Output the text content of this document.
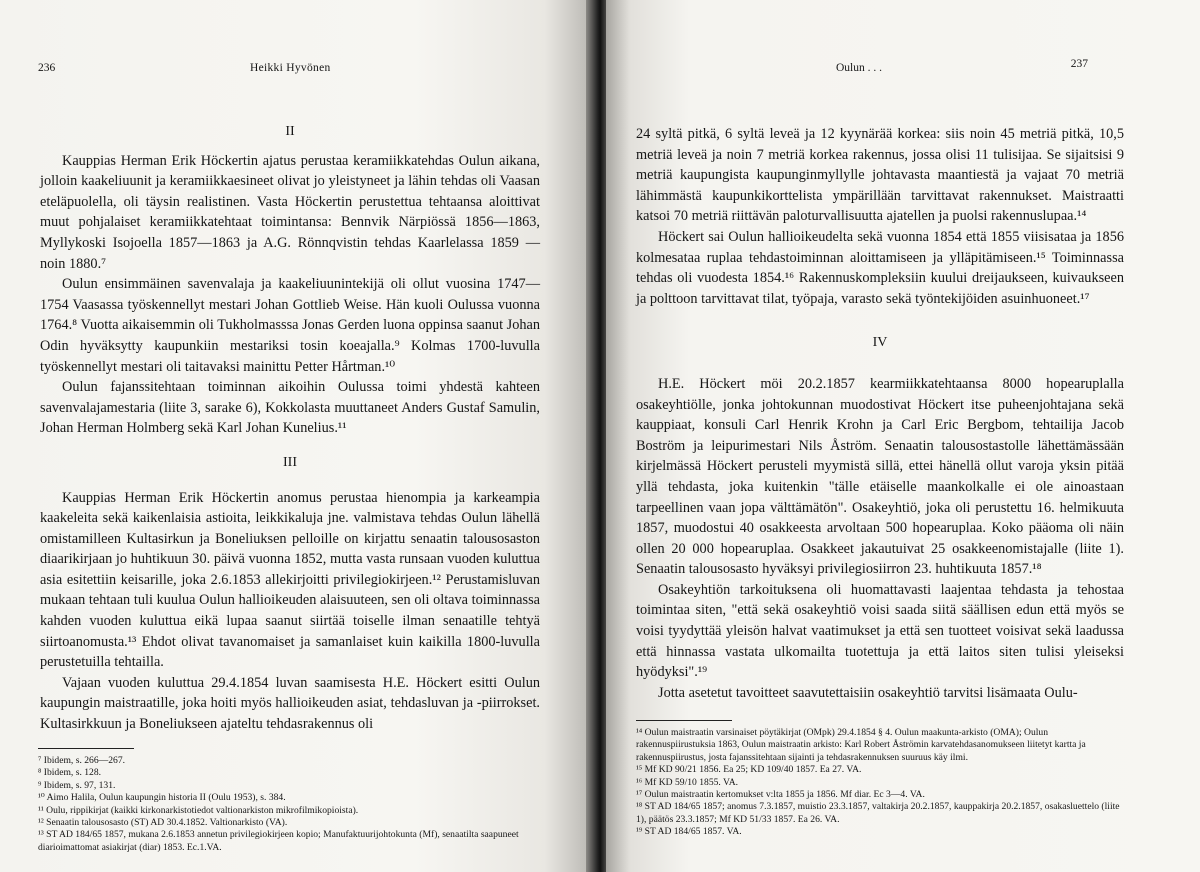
236	Heikki Hyvönen
II

Kauppias Herman Erik Höckertin ajatus perustaa keramiikkatehdas Oulun aikana, jolloin kaakeliuunit ja keramiikkaesineet olivat jo yleistyneet ja lähin tehdas oli Vaasan eteläpuolella, oli täysin realistinen. Vasta Höckertin perustettua tehtaansa aloittivat muut pohjalaiset keramiikkatehtaat toimintansa: Bennvik Närpiössä 1856—1863, Myllykoski Isojoella 1857—1863 ja A.G. Rönnqvistin tehdas Kaarlelassa 1859 — noin 1880.⁷

Oulun ensimmäinen savenvalaja ja kaakeliuunintekijä oli ollut vuosina 1747—1754 Vaasassa työskennellyt mestari Johan Gottlieb Weise. Hän kuoli Oulussa vuonna 1764.⁸ Vuotta aikaisemmin oli Tukholmasssa Jonas Gerden luona oppinsa saanut Johan Odin hyväksytty kaupunkiin mestariksi tosin koeajalla.⁹ Kolmas 1700-luvulla työskennellyt mestari oli taitavaksi mainittu Petter Hårtman.¹⁰

Oulun fajanssitehtaan toiminnan aikoihin Oulussa toimi yhdestä kahteen savenvalajamestaria (liite 3, sarake 6), Kokkolasta muuttaneet Anders Gustaf Samulin, Johan Herman Holmberg sekä Karl Johan Kunelius.¹¹

III

Kauppias Herman Erik Höckertin anomus perustaa hienompia ja karkeampia kaakeleita sekä kaikenlaisia astioita, leikkikaluja jne. valmistava tehdas Oulun lähellä omistamilleen Kultasirkun ja Boneliuksen pelloille on kirjattu senaatin talousosaston diaarikirjaan jo huhtikuun 30. päivä vuonna 1852, mutta vasta runsaan vuoden kuluttua asia esitettiin keisarille, joka 2.6.1853 allekirjoitti privilegiokirjeen.¹² Perustamisluvan mukaan tehtaan tuli kuulua Oulun hallioikeuden alaisuuteen, sen oli oltava toiminnassa kahden vuoden kuluttua eikä lupaa saanut siirtää toiselle ilman senaatille tehtyä siirtoanomusta.¹³ Ehdot olivat tavanomaiset ja samanlaiset kuin kaikilla 1800-luvulla perustetuilla tehtailla.

Vajaan vuoden kuluttua 29.4.1854 luvan saamisesta H.E. Höckert esitti Oulun kaupungin maistraatille, joka hoiti myös hallioikeuden asiat, tehdasluvan ja -piirrokset. Kultasirkkuun ja Boneliukseen ajateltu tehdasrakennus oli

⁷ Ibidem, s. 266—267.
⁸ Ibidem, s. 128.
⁹ Ibidem, s. 97, 131.
¹⁰ Aimo Halila, Oulun kaupungin historia II (Oulu 1953), s. 384.
¹¹ Oulu, rippikirjat (kaikki kirkonarkistotiedot valtionarkiston mikrofilmikopioista).
¹² Senaatin talousosasto (ST) AD 30.4.1852. Valtionarkisto (VA).
¹³ ST AD 184/65 1857, mukana 2.6.1853 annetun privilegiokirjeen kopio; Manufaktuurijohtokunta (Mf), senaatilta saapuneet diarioimattomat asiakirjat (diar) 1853. Ec.1.VA.
Oulun . . .	237

24 syltä pitkä, 6 syltä leveä ja 12 kyynärää korkea: siis noin 45 metriä pitkä, 10,5 metriä leveä ja noin 7 metriä korkea rakennus, jossa olisi 11 tulisijaa. Se sijaitsisi 9 metriä kaupungista kaupunginmyllylle johtavasta maantiestä ja vajaat 70 metriä lähimmästä kaupunkikorttelista ympärillään tarvittavat rakennukset. Maistraatti katsoi 70 metriä riittävän paloturvallisuutta ajatellen ja puolsi rakennuslupaa.¹⁴

Höckert sai Oulun hallioikeudelta sekä vuonna 1854 että 1855 viisisataa ja 1856 kolmesataa ruplaa tehdastoiminnan aloittamiseen ja ylläpitämiseen.¹⁵ Toiminnassa tehdas oli vuodesta 1854.¹⁶ Rakennuskompleksiin kuului dreijaukseen, kuivaukseen ja polttoon tarvittavat tilat, työpaja, varasto sekä työntekijöiden asuinhuoneet.¹⁷

IV

H.E. Höckert möi 20.2.1857 kearmiikkatehtaansa 8000 hopearuplalla osakeyhtiölle, jonka johtokunnan muodostivat Höckert itse puheenjohtajana sekä kauppiaat, konsuli Carl Henrik Krohn ja Carl Eric Bergbom, tehtailija Jacob Boström ja leipurimestari Nils Åström. Senaatin talousostastolle lähettämässään kirjelmässä Höckert perusteli myymistä sillä, ettei hänellä ollut varoja yksin pitää yllä tehdasta, joka kuitenkin "tälle etäiselle maankolkalle ei ole ainoastaan tarpeellinen vaan jopa välttämätön". Osakeyhtiö, joka oli perustettu 16. helmikuuta 1857, muodostui 40 osakkeesta arvoltaan 500 hopearuplaa. Koko pääoma oli näin ollen 20 000 hopearuplaa. Osakkeet jakautuivat 25 osakkeenomistajalle (liite 1). Senaatin talousosasto hyväksyi privilegiosiirron 23. huhtikuuta 1857.¹⁸

Osakeyhtiön tarkoituksena oli huomattavasti laajentaa tehdasta ja tehostaa toimintaa siten, "että sekä osakeyhtiö voisi saada siitä säällisen edun että myös se voisi tyydyttää yleisön halvat vaatimukset ja että sen tuotteet voisivat sekä laadussa että hinnassa vastata ulkomailta tuotettuja ja että laitos siten tulisi yleiseksi hyödyksi".¹⁹

Jotta asetetut tavoitteet saavutettaisiin osakeyhtiö tarvitsi lisämaata Oulu-

¹⁴ Oulun maistraatin varsinaiset pöytäkirjat (OMpk) 29.4.1854 § 4. Oulun maakunta-arkisto (OMA); Oulun rakennuspiirustuksia 1863, Oulun maistraatin arkisto: Karl Robert Åströmin karvatehdasanomukseen liitetyt kartta ja rakennuspiirustus, josta fajanssitehtaan sijainti ja tehdasrakennuksen suuruus käy ilmi.
¹⁵ Mf KD 90/21 1856. Ea 25; KD 109/40 1857. Ea 27. VA.
¹⁶ Mf KD 59/10 1855. VA.
¹⁷ Oulun maistraatin kertomukset v:lta 1855 ja 1856. Mf diar. Ec 3—4. VA.
¹⁸ ST AD 184/65 1857; anomus 7.3.1857, muistio 23.3.1857, valtakirja 20.2.1857, kauppakirja 20.2.1857, osakasluettelo (liite 1), päätös 23.3.1857; Mf KD 51/33 1857. Ea 26. VA.
¹⁹ ST AD 184/65 1857. VA.
